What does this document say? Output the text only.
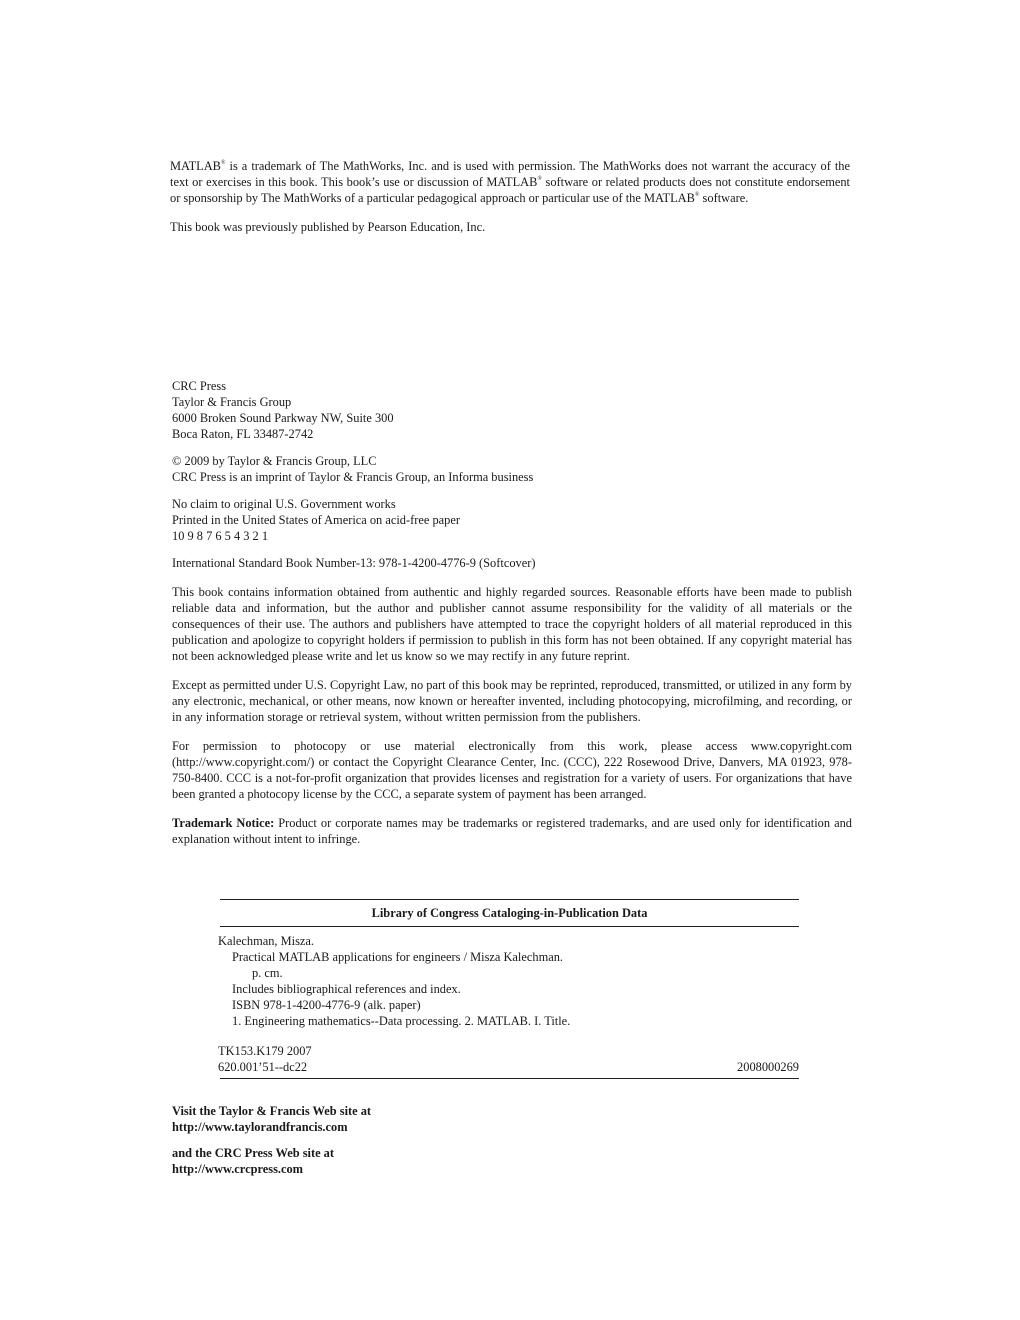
MATLAB® is a trademark of The MathWorks, Inc. and is used with permission. The MathWorks does not warrant the accuracy of the text or exercises in this book. This book’s use or discussion of MATLAB® software or related products does not constitute endorsement or sponsorship by The MathWorks of a particular pedagogical approach or particular use of the MATLAB® software.

This book was previously published by Pearson Education, Inc.

CRC Press
Taylor & Francis Group
6000 Broken Sound Parkway NW, Suite 300
Boca Raton, FL 33487-2742
© 2009 by Taylor & Francis Group, LLC
CRC Press is an imprint of Taylor & Francis Group, an Informa business
No claim to original U.S. Government works
Printed in the United States of America on acid-free paper
10 9 8 7 6 5 4 3 2 1

International Standard Book Number-13: 978-1-4200-4776-9 (Softcover)

This book contains information obtained from authentic and highly regarded sources. Reasonable efforts have been made to publish reliable data and information, but the author and publisher cannot assume responsibility for the validity of all materials or the consequences of their use. The authors and publishers have attempted to trace the copyright holders of all material reproduced in this publication and apologize to copyright holders if permission to publish in this form has not been obtained. If any copyright material has not been acknowledged please write and let us know so we may rectify in any future reprint.

Except as permitted under U.S. Copyright Law, no part of this book may be reprinted, reproduced, transmitted, or utilized in any form by any electronic, mechanical, or other means, now known or hereafter invented, including photocopying, microfilming, and recording, or in any information storage or retrieval system, without written permission from the publishers.

For permission to photocopy or use material electronically from this work, please access www.copyright.com (http://www.copyright.com/) or contact the Copyright Clearance Center, Inc. (CCC), 222 Rosewood Drive, Danvers, MA 01923, 978-750-8400. CCC is a not-for-profit organization that provides licenses and registration for a variety of users. For organizations that have been granted a photocopy license by the CCC, a separate system of payment has been arranged.

Trademark Notice: Product or corporate names may be trademarks or registered trademarks, and are used only for identification and explanation without intent to infringe.

Library of Congress Cataloging-in-Publication Data
Kalechman, Misza.
Practical MATLAB applications for engineers / Misza Kalechman.
p. cm.
Includes bibliographical references and index.
ISBN 978-1-4200-4776-9 (alk. paper)
1. Engineering mathematics--Data processing. 2. MATLAB. I. Title.
TK153.K179 2007
620.001’51--dc22	2008000269
Visit the Taylor & Francis Web site at
http://www.taylorandfrancis.com
and the CRC Press Web site at
http://www.crcpress.com
